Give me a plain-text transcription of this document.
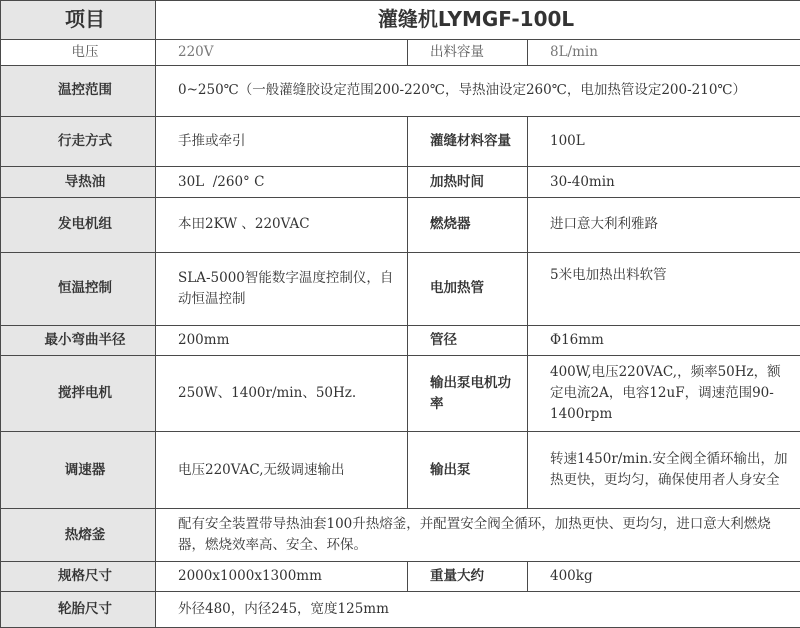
项目	灌缝机LYMGF-100L		
电压	220V	出料容量	8L/min
温控范围	0~250℃（一般灌缝胶设定范围200-220℃，导热油设定260℃，电加热管设定200-210℃）		
行走方式	手推或牵引	灌缝材料容量	100L
导热油	30L  /260° C	加热时间	30-40min
发电机组	本田2KW 、220VAC	燃烧器	进口意大利利雅路
恒温控制	SLA-5000智能数字温度控制仪，自动恒温控制	电加热管	5米电加热出料软管
最小弯曲半径	200mm	管径	Φ16mm
搅拌电机	250W、1400r/min、50Hz.	输出泵电机功率	400W,电压220VAC,，频率50Hz，额定电流2A，电容12uF，调速范围90-1400rpm
调速器	电压220VAC,无级调速输出	输出泵	转速1450r/min.安全阀全循环输出，加热更快，更均匀，确保使用者人身安全
热熔釜	配有安全装置带导热油套100升热熔釜，并配置安全阀全循环，加热更快、更均匀，进口意大利燃烧器，燃烧效率高、安全、环保。		
规格尺寸	2000x1000x1300mm	重量大约	400kg
轮胎尺寸	外径480，内径245，宽度125mm		
